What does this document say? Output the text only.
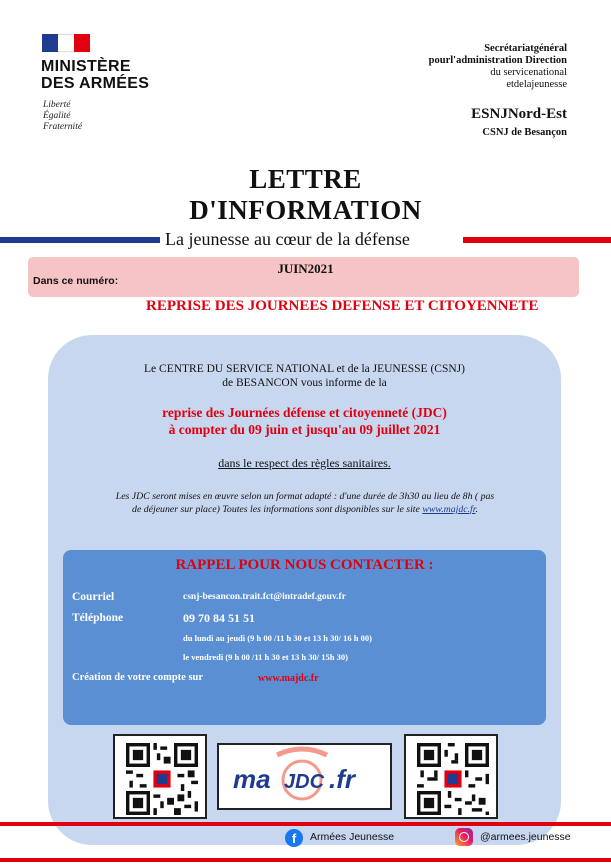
MINISTÈRE
DES ARMÉES
Liberté
Égalité
Fraternité
Secrétariatgénéral
pourl'administration Direction
du servicenational
etdelajeunesse
ESNJNord-Est
CSNJ de Besançon
LETTRE
D'INFORMATION
La jeunesse au cœur de la défense
JUIN2021
Dans ce numéro:
REPRISE DES JOURNEES DEFENSE ET CITOYENNETE
Le CENTRE DU SERVICE NATIONAL et de la JEUNESSE (CSNJ)
de BESANCON vous informe de la
reprise des Journées défense et citoyenneté (JDC)
à compter du 09 juin et jusqu'au 09 juillet 2021
dans le respect des règles sanitaires.
Les JDC seront mises en œuvre selon un format adapté : d'une durée de 3h30 au lieu de 8h ( pas
de déjeuner sur place) Toutes les informations sont disponibles sur le site www.majdc.fr.
RAPPEL POUR NOUS CONTACTER :
Courriel	csnj-besancon.trait.fct@intradef.gouv.fr
Téléphone	09 70 84 51 51
du lundi au jeudi (9 h 00 /11 h 30 et 13 h 30/ 16 h 00)
le vendredi (9 h 00 /11 h 30 et 13 h 30/ 15h 30)
Création de votre compte sur	www.majdc.fr
ma JDC .fr
f	Armées Jeunesse	@armees.jeunesse
